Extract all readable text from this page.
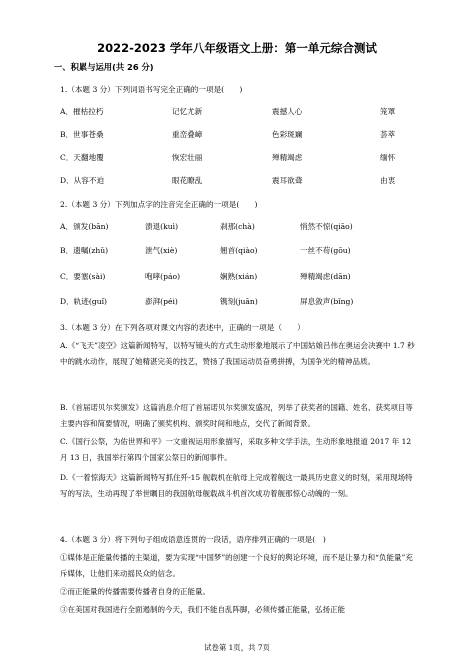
2022-2023 学年八年级语文上册：第一单元综合测试
一、积累与运用(共 26 分)
1.（本题 3 分）下列词语书写完全正确的一项是(　　)
A．摧枯拉朽	记忆尤新	震撼人心	笼罩
B．世事苍桑	重峦叠嶂	色彩斑斓	荟萃
C．天翻地覆	恢宏壮丽	殚精竭虑	缅怀
D．从容不迫	眼花瞭乱	震耳欲聋	由衷
2.（本题 3 分）下列加点字的注音完全正确的一项是(　　)
A．颁发(bān)	溃退(kuì)	刹那(chà)	悄然不惊(qiāo)
B．遗嘱(zhǔ)	泄气(xiè)	翘首(qiào)	一丝不苟(gōu)
C．要塞(sài)	咆哮(páo)	娴熟(xián)	殚精竭虑(dān)
D．轨迹(guǐ)	澎湃(péi)	镌刻(juān)	屏息敛声(bǐng)
3.（本题 3 分）在下列各项对课文内容的表述中，正确的一项是（　　）
A.《“飞天”凌空》这篇新闻特写，以特写镜头的方式生动形象地展示了中国姑娘吕伟在奥运会决赛中 1.7 秒中的跳水动作，展现了她精湛完美的技艺，赞扬了我国运动员奋勇拼搏，为国争光的精神品质。
B.《首届诺贝尔奖颁发》这篇消息介绍了首届诺贝尔奖颁发盛况，列举了获奖者的国籍、姓名、获奖项目等主要内容和简要情况，明确了颁奖机构、颁奖时间和地点，交代了新闻背景。
C.《国行公祭，为佑世界和平》一文重视运用形象描写，采取多种文学手法，生动形象地报道 2017 年 12 月 13 日，我国举行第四个国家公祭日的新闻事件。
D.《一着惊海天》这篇新闻特写抓住歼-15 舰载机在航母上完成着舰这一最具历史意义的时刻，采用现场特写的写法，生动再现了举世瞩目的我国航母舰载战斗机首次成功着舰那惊心动魄的一刻。
4.（本题 3 分）将下列句子组成语意连贯的一段话，语序排列正确的一项是(　)
①媒体是正能量传播的主渠道，要为实现“中国梦”的创建一个良好的舆论环境，而不是让暴力和“负能量”充斥媒体，让他们来动摇民众的信念。
②而正能量的传播需要传播者自身的正能量。
③在美国对我国进行全面遏制的今天，我们不能自乱阵脚，必须传播正能量，弘扬正能
试卷第 1页，共 7页
